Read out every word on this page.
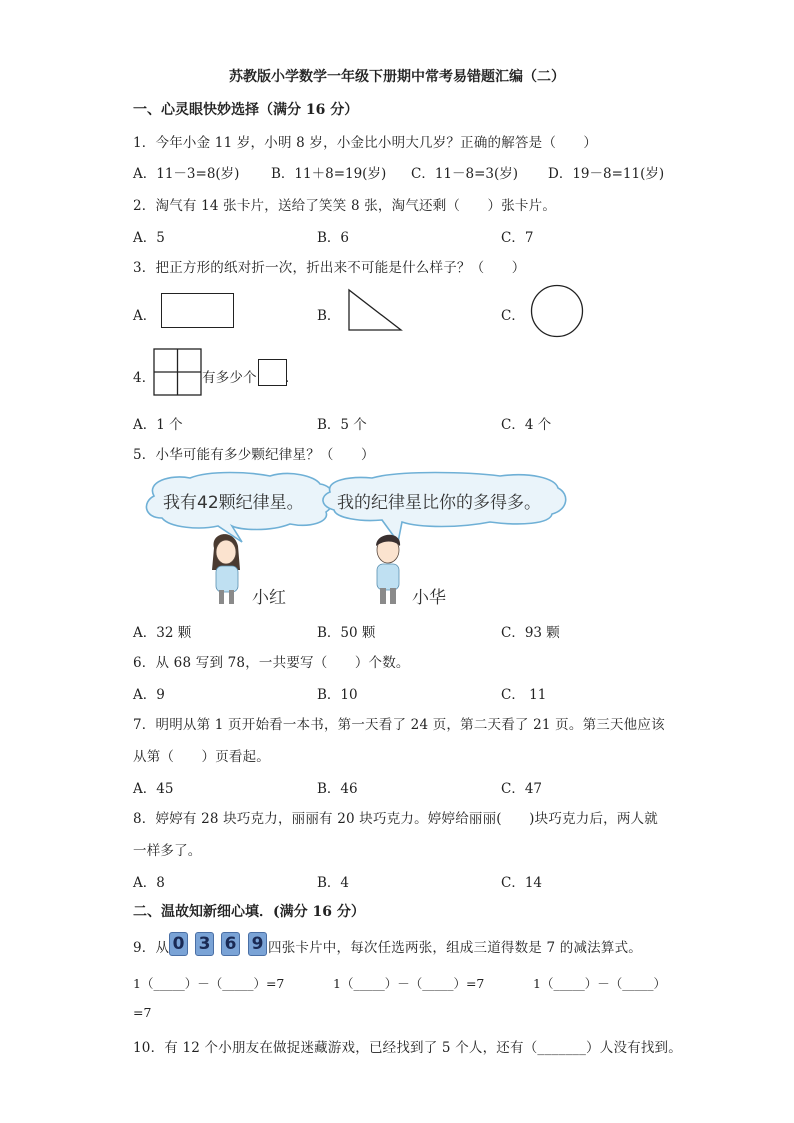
苏教版小学数学一年级下册期中常考易错题汇编（二）
一、心灵眼快妙选择（满分 16 分）
1．今年小金 11 岁，小明 8 岁，小金比小明大几岁？正确的解答是（　　）
A．11－3=8(岁) B．11＋8=19(岁) C．11－8=3(岁) D．19－8=11(岁)
2．淘气有 14 张卡片，送给了笑笑 8 张，淘气还剩（　　）张卡片。
A．5	B．6	C．7
3．把正方形的纸对折一次，折出来不可能是什么样子？（　　）
A．	B．	C．
4．	有多少个 ．
A．1 个	B．5 个	C．4 个
5．小华可能有多少颗纪律星？（　　）
我有42颗纪律星。 我的纪律星比你的多得多。
小红	小华
A．32 颗	B．50 颗	C．93 颗
6．从 68 写到 78，一共要写（　　）个数。
A．9	B．10	C． 11
7．明明从第 1 页开始看一本书，第一天看了 24 页，第二天看了 21 页。第三天他应该
从第（　　）页看起。
A．45	B．46	C．47
8．婷婷有 28 块巧克力，丽丽有 20 块巧克力。婷婷给丽丽(　　)块巧克力后，两人就
一样多了。
A．8	B．4	C．14
二、温故知新细心填．(满分 16 分）
9．从 0 3 6 9 四张卡片中，每次任选两张，组成三道得数是 7 的减法算式。
1（_____）－（_____）=7	1（_____）－（_____）=7	1（_____）－（_____）
=7
10．有 12 个小朋友在做捉迷藏游戏，已经找到了 5 个人，还有（_______）人没有找到。
